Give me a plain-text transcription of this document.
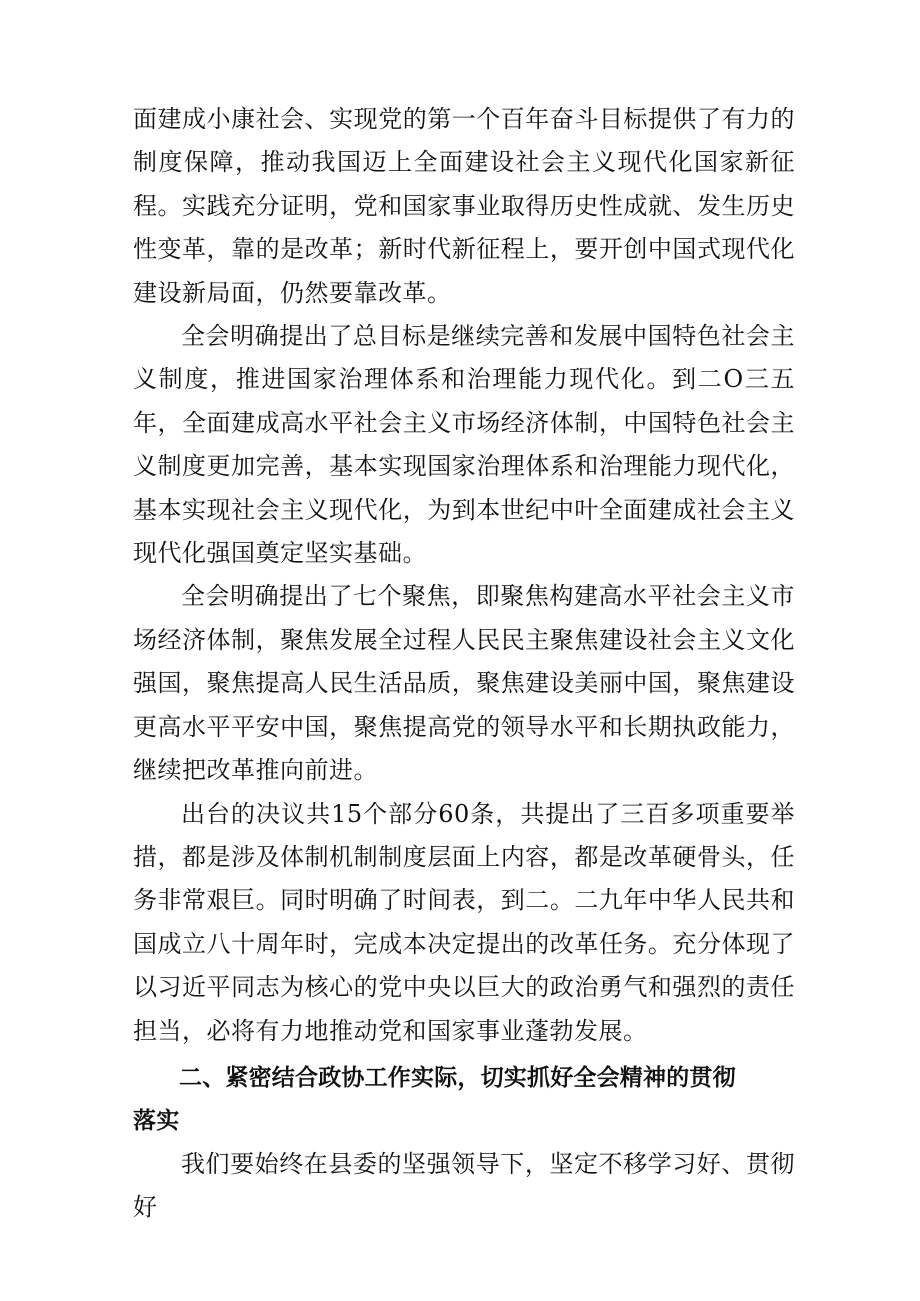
面建成小康社会、实现党的第一个百年奋斗目标提供了有力的制度保障，推动我国迈上全面建设社会主义现代化国家新征程。实践充分证明，党和国家事业取得历史性成就、发生历史性变革，靠的是改革；新时代新征程上，要开创中国式现代化建设新局面，仍然要靠改革。

全会明确提出了总目标是继续完善和发展中国特色社会主义制度，推进国家治理体系和治理能力现代化。到二O三五年，全面建成高水平社会主义市场经济体制，中国特色社会主义制度更加完善，基本实现国家治理体系和治理能力现代化，基本实现社会主义现代化，为到本世纪中叶全面建成社会主义现代化强国奠定坚实基础。

全会明确提出了七个聚焦，即聚焦构建高水平社会主义市场经济体制，聚焦发展全过程人民民主聚焦建设社会主义文化强国，聚焦提高人民生活品质，聚焦建设美丽中国，聚焦建设更高水平平安中国，聚焦提高党的领导水平和长期执政能力，继续把改革推向前进。

出台的决议共15个部分60条，共提出了三百多项重要举措，都是涉及体制机制制度层面上内容，都是改革硬骨头，任务非常艰巨。同时明确了时间表，到二。二九年中华人民共和国成立八十周年时，完成本决定提出的改革任务。充分体现了以习近平同志为核心的党中央以巨大的政治勇气和强烈的责任担当，必将有力地推动党和国家事业蓬勃发展。

二、紧密结合政协工作实际，切实抓好全会精神的贯彻
落实

我们要始终在县委的坚强领导下，坚定不移学习好、贯彻好
